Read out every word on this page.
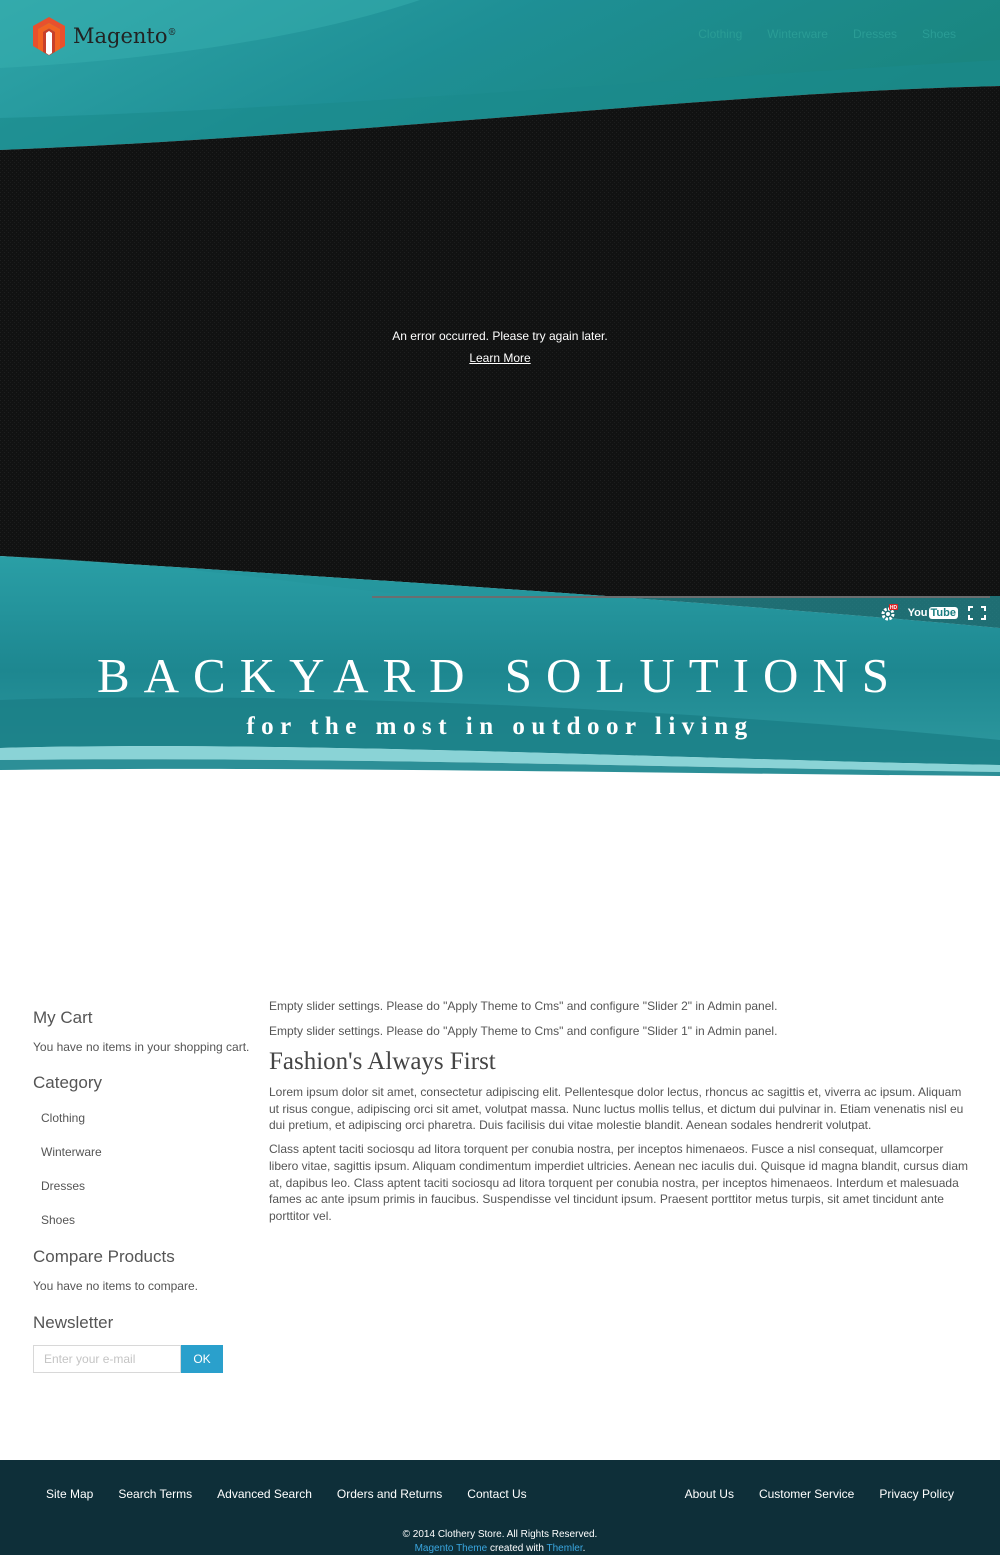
Magento®	Clothing Winterware Dresses Shoes
An error occurred. Please try again later.
Learn More
HD You Tube
BACKYARD SOLUTIONS
for the most in outdoor living
My Cart

You have no items in your shopping cart.

Category
Clothing
Winterware
Dresses
Shoes
Compare Products

You have no items to compare.

Newsletter
Enter your e-mail
OK

Empty slider settings. Please do "Apply Theme to Cms" and configure "Slider 2" in Admin panel.

Empty slider settings. Please do "Apply Theme to Cms" and configure "Slider 1" in Admin panel.

Fashion's Always First

Lorem ipsum dolor sit amet, consectetur adipiscing elit. Pellentesque dolor lectus, rhoncus ac sagittis et, viverra ac ipsum. Aliquam ut risus congue, adipiscing orci sit amet, volutpat massa. Nunc luctus mollis tellus, et dictum dui pulvinar in. Etiam venenatis nisl eu dui pretium, et adipiscing orci pharetra. Duis facilisis dui vitae molestie blandit. Aenean sodales hendrerit volutpat.

Class aptent taciti sociosqu ad litora torquent per conubia nostra, per inceptos himenaeos. Fusce a nisl consequat, ullamcorper libero vitae, sagittis ipsum. Aliquam condimentum imperdiet ultricies. Aenean nec iaculis dui. Quisque id magna blandit, cursus diam at, dapibus leo. Class aptent taciti sociosqu ad litora torquent per conubia nostra, per inceptos himenaeos. Interdum et malesuada fames ac ante ipsum primis in faucibus. Suspendisse vel tincidunt ipsum. Praesent porttitor metus turpis, sit amet tincidunt ante porttitor vel.

Site Map Search Terms Advanced Search Orders and Returns Contact Us	About Us Customer Service Privacy Policy
© 2014 Clothery Store. All Rights Reserved.
Magento Theme created with Themler.
